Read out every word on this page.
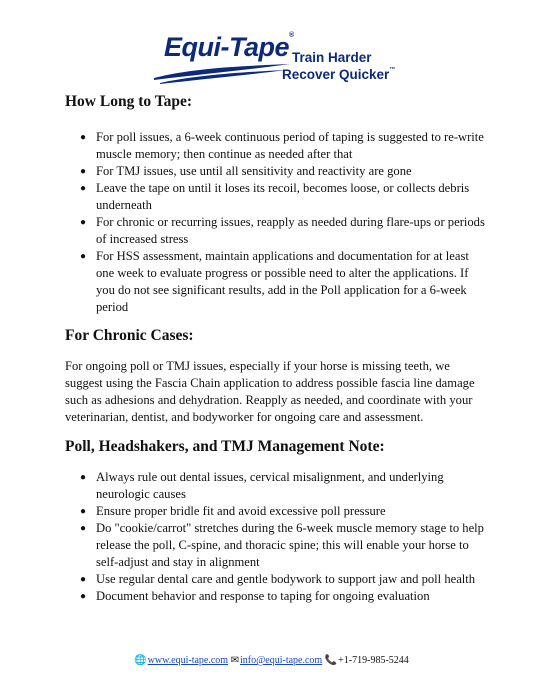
Equi-Tape®
Train Harder
Recover Quicker™
How Long to Tape:
● For poll issues, a 6-week continuous period of taping is suggested to re-write muscle memory; then continue as needed after that
● For TMJ issues, use until all sensitivity and reactivity are gone
● Leave the tape on until it loses its recoil, becomes loose, or collects debris underneath
● For chronic or recurring issues, reapply as needed during flare-ups or periods of increased stress
● For HSS assessment, maintain applications and documentation for at least one week to evaluate progress or possible need to alter the applications. If you do not see significant results, add in the Poll application for a 6-week period
For Chronic Cases:

For ongoing poll or TMJ issues, especially if your horse is missing teeth, we suggest using the Fascia Chain application to address possible fascia line damage such as adhesions and dehydration. Reapply as needed, and coordinate with your veterinarian, dentist, and bodyworker for ongoing care and assessment.

Poll, Headshakers, and TMJ Management Note:
● Always rule out dental issues, cervical misalignment, and underlying neurologic causes
● Ensure proper bridle fit and avoid excessive poll pressure
● Do "cookie/carrot" stretches during the 6-week muscle memory stage to help release the poll, C-spine, and thoracic spine; this will enable your horse to self-adjust and stay in alignment
● Use regular dental care and gentle bodywork to support jaw and poll health
● Document behavior and response to taping for ongoing evaluation
🌐www.equi-tape.com ✉info@equi-tape.com 📞+1-719-985-5244
